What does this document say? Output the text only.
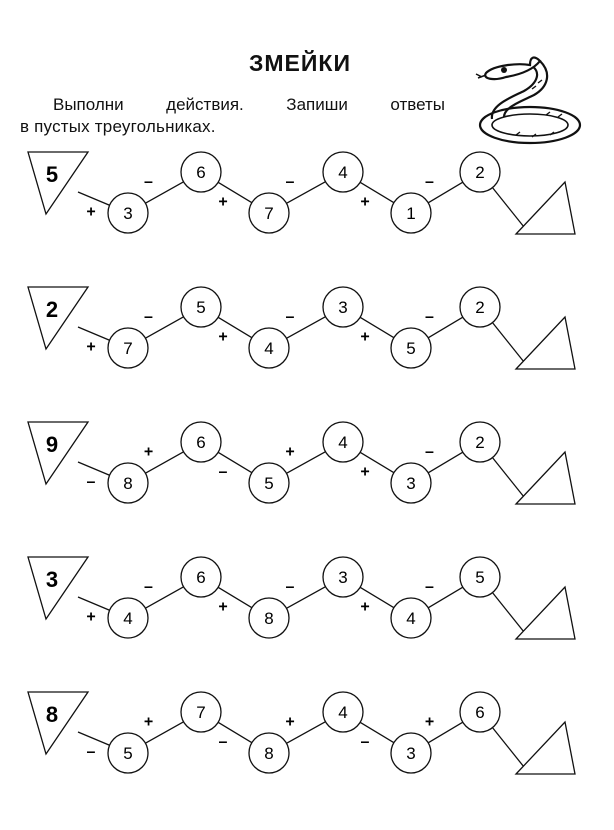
ЗМЕЙКИ
Выполни действия. Запиши ответы
в пустых треугольниках.
5
+
–
+
–
+
–
3
6
7
4
1
2
2
+
–
+
–
+
–
7
5
4
3
5
2
9
–
+
–
+
+
–
8
6
5
4
3
2
3
+
–
+
–
+
–
4
6
8
3
4
5
8
–
+
–
+
–
+
5
7
8
4
3
6
